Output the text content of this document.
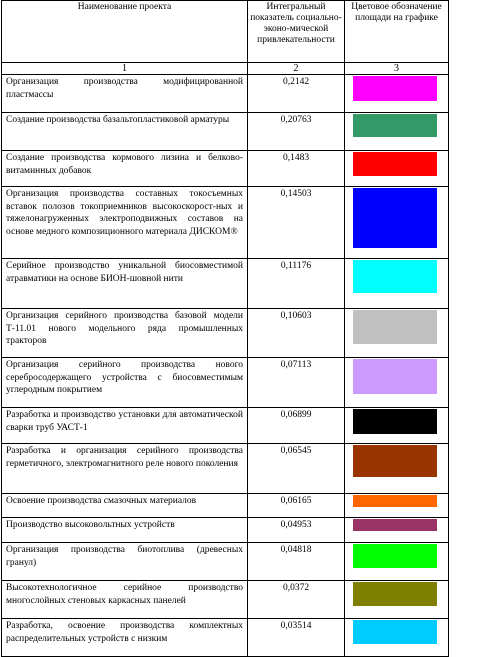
Наименование проекта	Интегральный показатель социально-эконо-мической привлекательности	Цветовое обозначение площади на графике
1	2	3
Организация производства модифицированной пластмассы	0,2142	

Создание производства базальтопластиковой арматуры	0,20763	

Создание производства кормового лизина и белково-витаминных добавок	0,1483	

Организация производства составных токосъемных вставок полозов токоприемников высокоскорост-ных и тяжелонагруженных электроподвижных составов на основе медного композиционного материала ДИСКОМ®	0,14503	

Серийное производство уникальной биосовместимой атравматики на основе БИОН-шовной нити	0,11176	

Организация серийного производства базовой модели Т-11.01 нового модельного ряда промышленных тракторов	0,10603	

Организация серийного производства нового серебросодержащего устройства с биосовместимым углеродным покрытием	0,07113	

Разработка и производство установки для автоматической сварки труб УАСТ-1	0,06899	

Разработка и организация серийного производства герметичного, электромагнитного реле нового поколения	0,06545	

Освоение производства смазочных материалов	0,06165	

Производство высоковольтных устройств	0,04953	

Организация производства биотоплива (древесных гранул)	0,04818	

Высокотехнологичное серийное производство многослойных стеновых каркасных панелей	0,0372	

Разработка, освоение производства комплектных распределительных устройств с низким	0,03514	
